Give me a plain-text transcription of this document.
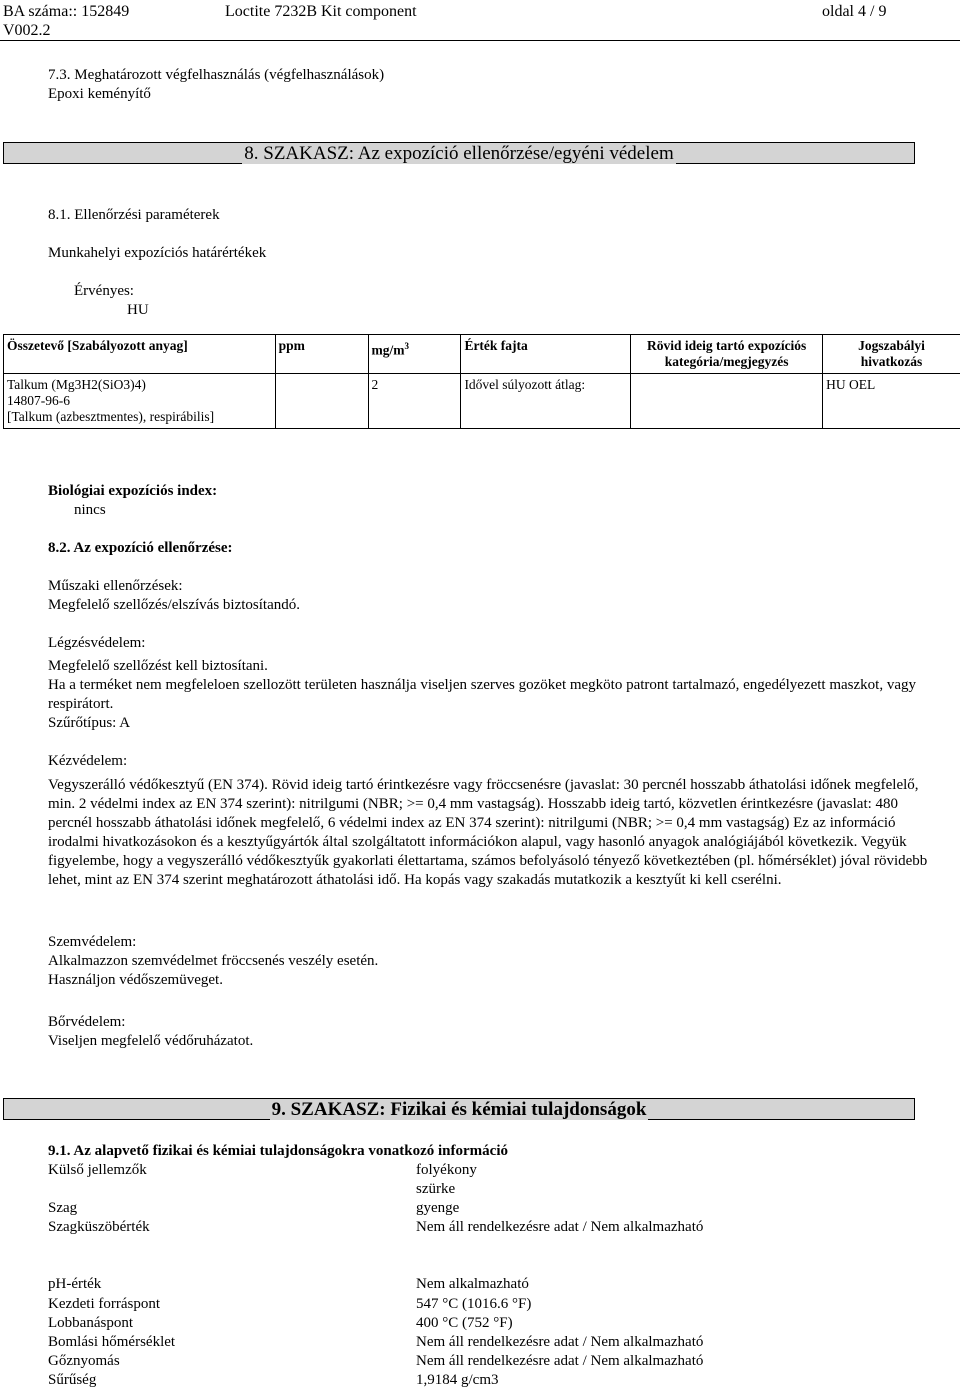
BA száma:: 152849
V002.2
Loctite 7232B Kit component	oldal 4 / 9
7.3. Meghatározott végfelhasználás (végfelhasználások)
Epoxi keményítő
8. SZAKASZ: Az expozíció ellenőrzése/egyéni védelem
8.1. Ellenőrzési paraméterek
Munkahelyi expozíciós határértékek
Érvényes:
HU
Összetevő [Szabályozott anyag]	ppm	$mg/m^3$	Érték fajta	Rövid ideig tartó expozíciós kategória/megjegyzés	Jogszabályi hivatkozás

Talkum (Mg3H2(SiO3)4)
14807-96-6
[Talkum (azbesztmentes), respirábilis]		2	Idővel súlyozott átlag:		HU OEL
Biológiai expozíciós index:
nincs
8.2. Az expozíció ellenőrzése:
Műszaki ellenőrzések:
Megfelelő szellőzés/elszívás biztosítandó.
Légzésvédelem:
Megfelelő szellőzést kell biztosítani.
Ha a terméket nem megfeleloen szellozött területen használja viseljen szerves gozöket megköto patront tartalmazó, engedélyezett maszkot, vagy respirátort.
Szűrőtípus: A
Kézvédelem:
Vegyszerálló védőkesztyű (EN 374). Rövid ideig tartó érintkezésre vagy fröccsenésre (javaslat: 30 percnél hosszabb áthatolási időnek megfelelő, min. 2 védelmi index az EN 374 szerint): nitrilgumi (NBR; >= 0,4 mm vastagság). Hosszabb ideig tartó, közvetlen érintkezésre (javaslat: 480 percnél hosszabb áthatolási időnek megfelelő, 6 védelmi index az EN 374 szerint): nitrilgumi (NBR; >= 0,4 mm vastagság) Ez az információ irodalmi hivatkozásokon és a kesztyűgyártók által szolgáltatott információkon alapul, vagy hasonló anyagok analógiájából következik. Vegyük figyelembe, hogy a vegyszerálló védőkesztyűk gyakorlati élettartama, számos befolyásoló tényező következtében (pl. hőmérséklet) jóval rövidebb lehet, mint az EN 374 szerint meghatározott áthatolási idő. Ha kopás vagy szakadás mutatkozik a kesztyűt ki kell cserélni.
Szemvédelem:
Alkalmazzon szemvédelmet fröccsenés veszély esetén.
Használjon védőszemüveget.
Bőrvédelem:
Viseljen megfelelő védőruházatot.
9. SZAKASZ: Fizikai és kémiai tulajdonságok
9.1. Az alapvető fizikai és kémiai tulajdonságokra vonatkozó információ
Külső jellemzők	folyékony
szürke
Szag	gyenge
Szagküszöbérték	Nem áll rendelkezésre adat / Nem alkalmazható
pH-érték	Nem alkalmazható
Kezdeti forráspont	547 °C (1016.6 °F)
Lobbanáspont	400 °C (752 °F)
Bomlási hőmérséklet	Nem áll rendelkezésre adat / Nem alkalmazható
Gőznyomás	Nem áll rendelkezésre adat / Nem alkalmazható
Sűrűség	1,9184 g/cm3
